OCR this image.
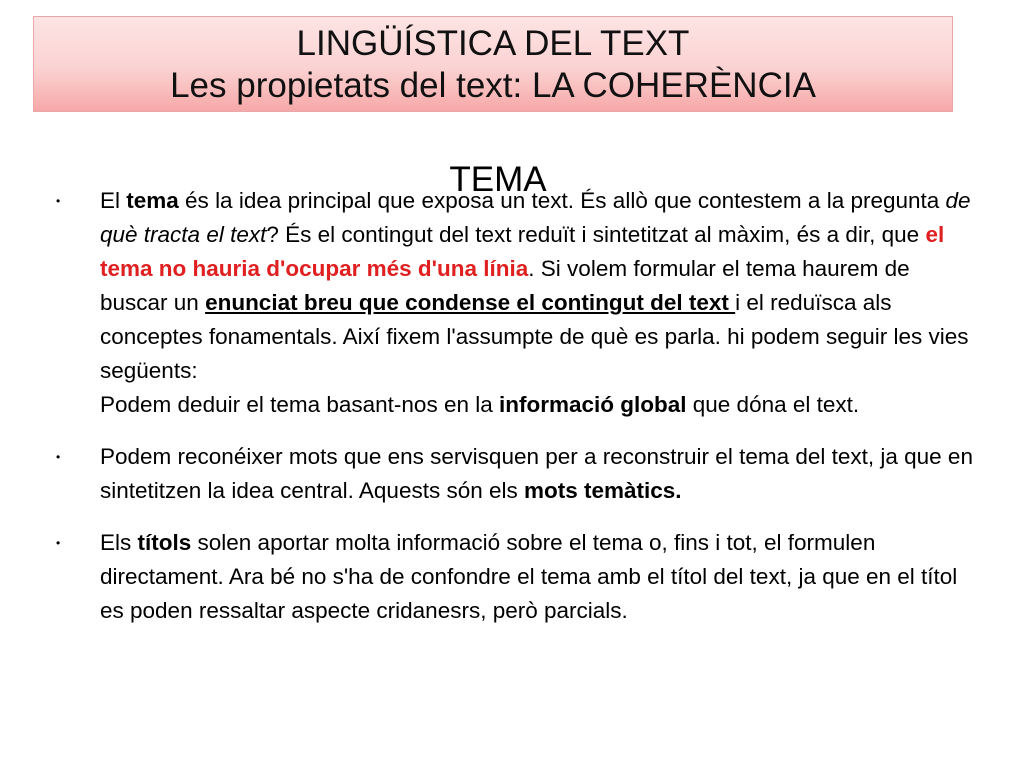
LINGÜÍSTICA DEL TEXT
Les propietats del text: LA COHERÈNCIA
• El tema és la idea principal que exposa un text. És allò que contestem a la pregunta de què tracta el text? És el contingut del text reduït i sintetitzat al màxim, és a dir, que el tema no hauria d'ocupar més d'una línia. Si volem formular el tema haurem de buscar un enunciat breu que condense el contingut del text i el reduïsca als conceptes fonamentals. Així fixem l'assumpte de què es parla. hi podem seguir les vies següents:
Podem deduir el tema basant-nos en la informació global que dóna el text.
• Podem reconéixer mots que ens servisquen per a reconstruir el tema del text, ja que en sintetitzen la idea central. Aquests són els mots temàtics.
• Els títols solen aportar molta informació sobre el tema o, fins i tot, el formulen directament. Ara bé no s'ha de confondre el tema amb el títol del text, ja que en el títol es poden ressaltar aspecte cridanesrs, però parcials.
TEMA
